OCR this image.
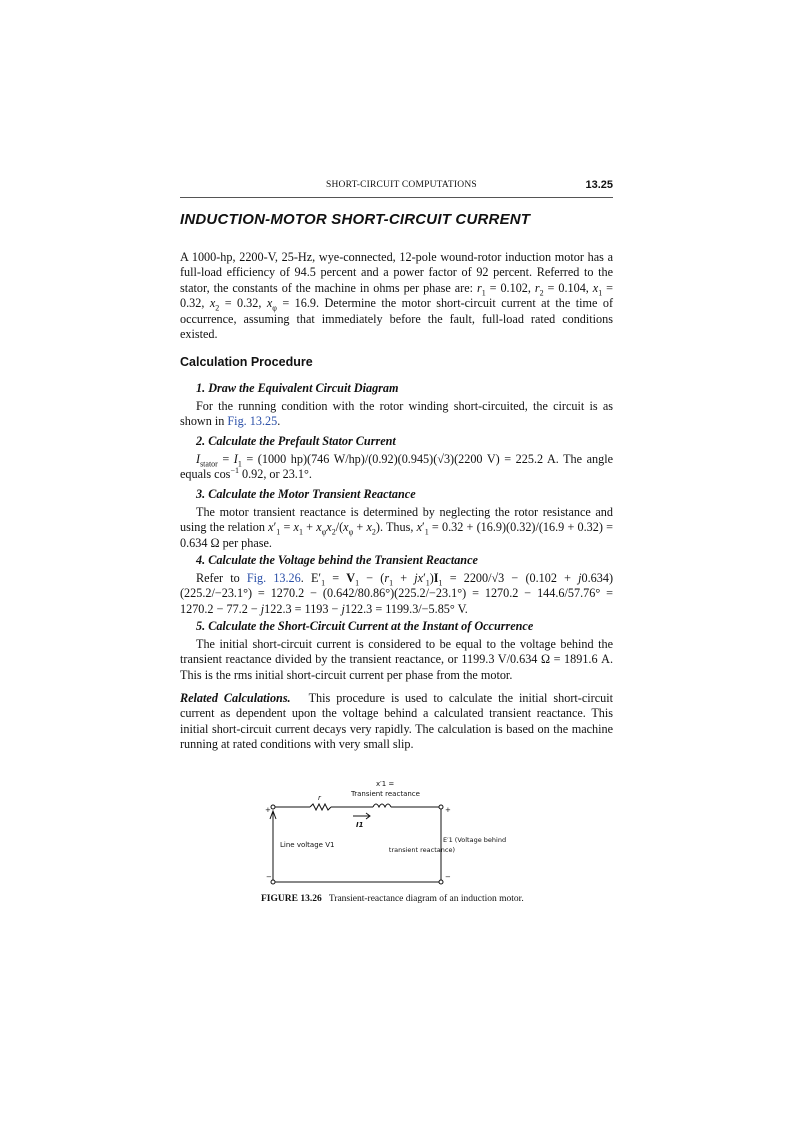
SHORT-CIRCUIT COMPUTATIONS	13.25
INDUCTION-MOTOR SHORT-CIRCUIT CURRENT
A 1000-hp, 2200-V, 25-Hz, wye-connected, 12-pole wound-rotor induction motor has a full-load efficiency of 94.5 percent and a power factor of 92 percent. Referred to the stator, the constants of the machine in ohms per phase are: $r_1 = 0.102$, $r_2 = 0.104$, $x_1 = 0.32$, $x_2 = 0.32$, $x_\varphi = 16.9$. Determine the motor short-circuit current at the time of occurrence, assuming that immediately before the fault, full-load rated conditions existed.
Calculation Procedure
1. Draw the Equivalent Circuit Diagram
For the running condition with the rotor winding short-circuited, the circuit is as shown in Fig. 13.25.
2. Calculate the Prefault Stator Current
$I_{stator} = I_1 = (1000$ hp)(746 W/hp)/(0.92)(0.945)(√3)(2200 V) = 225.2 A. The angle equals $\cos^{-1} 0.92$, or 23.1°.
3. Calculate the Motor Transient Reactance
The motor transient reactance is determined by neglecting the rotor resistance and using the relation $x'_1 = x_1 + x_\varphi x_2/(x_\varphi + x_2)$. Thus, $x'_1 = 0.32 + (16.9)(0.32)/(16.9 + 0.32) = 0.634$ Ω per phase.
4. Calculate the Voltage behind the Transient Reactance
Refer to Fig. 13.26. $E'_1 = V_1 - (r_1 + jx'_1)I_1 = 2200/√3 - (0.102 + j0.634)(225.2/-23.1^\circ) = 1270.2 - (0.642/80.86^\circ)(225.2/-23.1^\circ) = 1270.2 - 144.6/57.76^\circ = 1270.2 - 77.2 - j122.3 = 1193 - j122.3 = 1199.3/-5.85^\circ$ V.
5. Calculate the Short-Circuit Current at the Instant of Occurrence
The initial short-circuit current is considered to be equal to the voltage behind the transient reactance divided by the transient reactance, or 1199.3 V/0.634 Ω = 1891.6 A. This is the rms initial short-circuit current per phase from the motor.
Related Calculations. This procedure is used to calculate the initial short-circuit current as dependent upon the voltage behind a calculated transient reactance. This initial short-circuit current decays very rapidly. The calculation is based on the machine running at rated conditions with very small slip.
x′1 =
Transient reactance
r
I1
Line voltage V1
E′1 (Voltage behind
transient reactance)
+	+
−	−
FIGURE 13.26 Transient-reactance diagram of an induction motor.
